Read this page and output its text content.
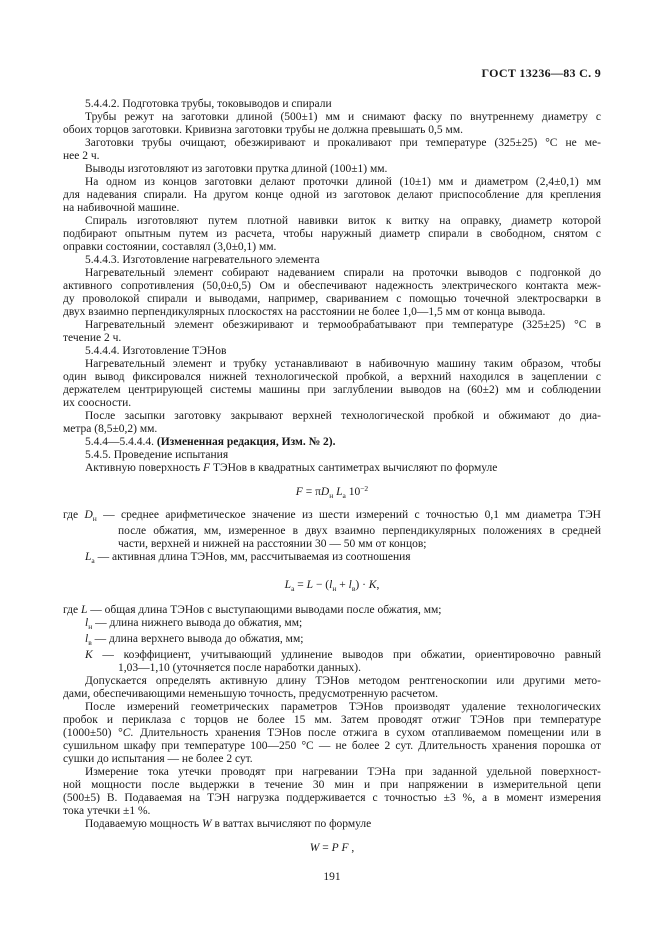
ГОСТ 13236—83 С. 9
5.4.4.2. Подготовка трубы, токовыводов и спирали
Трубы режут на заготовки длиной (500±1) мм и снимают фаску по внутреннему диаметру с
обоих торцов заготовки. Кривизна заготовки трубы не должна превышать 0,5 мм.
Заготовки трубы очищают, обезжиривают и прокаливают при температуре (325±25) °С не ме-
нее 2 ч.
Выводы изготовляют из заготовки прутка длиной (100±1) мм.
На одном из концов заготовки делают проточки длиной (10±1) мм и диаметром (2,4±0,1) мм
для надевания спирали. На другом конце одной из заготовок делают приспособление для крепления
на набивочной машине.
Спираль изготовляют путем плотной навивки виток к витку на оправку, диаметр которой
подбирают опытным путем из расчета, чтобы наружный диаметр спирали в свободном, снятом с
оправки состоянии, составлял (3,0±0,1) мм.
5.4.4.3. Изготовление нагревательного элемента
Нагревательный элемент собирают надеванием спирали на проточки выводов с подгонкой до
активного сопротивления (50,0±0,5) Ом и обеспечивают надежность электрического контакта меж-
ду проволокой спирали и выводами, например, свариванием с помощью точечной электросварки в
двух взаимно перпендикулярных плоскостях на расстоянии не более 1,0—1,5 мм от конца вывода.
Нагревательный элемент обезжиривают и термообрабатывают при температуре (325±25) °С в
течение 2 ч.
5.4.4.4. Изготовление ТЭНов
Нагревательный элемент и трубку устанавливают в набивочную машину таким образом, чтобы
один вывод фиксировался нижней технологической пробкой, а верхний находился в зацеплении с
держателем центрирующей системы машины при заглублении выводов на (60±2) мм и соблюдении
их соосности.
После засыпки заготовку закрывают верхней технологической пробкой и обжимают до диа-
метра (8,5±0,2) мм.
5.4.4—5.4.4.4. (Измененная редакция, Изм. № 2).
5.4.5. Проведение испытания
Активную поверхность F ТЭНов в квадратных сантиметрах вычисляют по формуле
$F = \pi D_н$ $L_а$ $10^{-2}$
где $D_н$ — среднее арифметическое значение из шести измерений с точностью 0,1 мм диаметра ТЭН
после обжатия, мм, измеренное в двух взаимно перпендикулярных положениях в средней
части, верхней и нижней на расстоянии 30 — 50 мм от концов;
$L_а$ — активная длина ТЭНов, мм, рассчитываемая из соотношения
$L_а = L - (l_н + l_в) \cdot K$,
где L — общая длина ТЭНов с выступающими выводами после обжатия, мм;
$l_н$ — длина нижнего вывода до обжатия, мм;
$l_в$ — длина верхнего вывода до обжатия, мм;
K — коэффициент, учитывающий удлинение выводов при обжатии, ориентировочно равный
1,03—1,10 (уточняется после наработки данных).
Допускается определять активную длину ТЭНов методом рентгеноскопии или другими мето-
дами, обеспечивающими неменьшую точность, предусмотренную расчетом.
После измерений геометрических параметров ТЭНов производят удаление технологических
пробок и периклаза с торцов не более 15 мм. Затем проводят отжиг ТЭНов при температуре
(1000±50) °С. Длительность хранения ТЭНов после отжига в сухом отапливаемом помещении или в
сушильном шкафу при температуре 100—250 °С — не более 2 сут. Длительность хранения порошка от
сушки до испытания — не более 2 сут.
Измерение тока утечки проводят при нагревании ТЭНа при заданной удельной поверхност-
ной мощности после выдержки в течение 30 мин и при напряжении в измерительной цепи
(500±5) В. Подаваемая на ТЭН нагрузка поддерживается с точностью ±3 %, а в момент измерения
тока утечки ±1 %.
Подаваемую мощность W в ваттах вычисляют по формуле
W = P F ,
191
